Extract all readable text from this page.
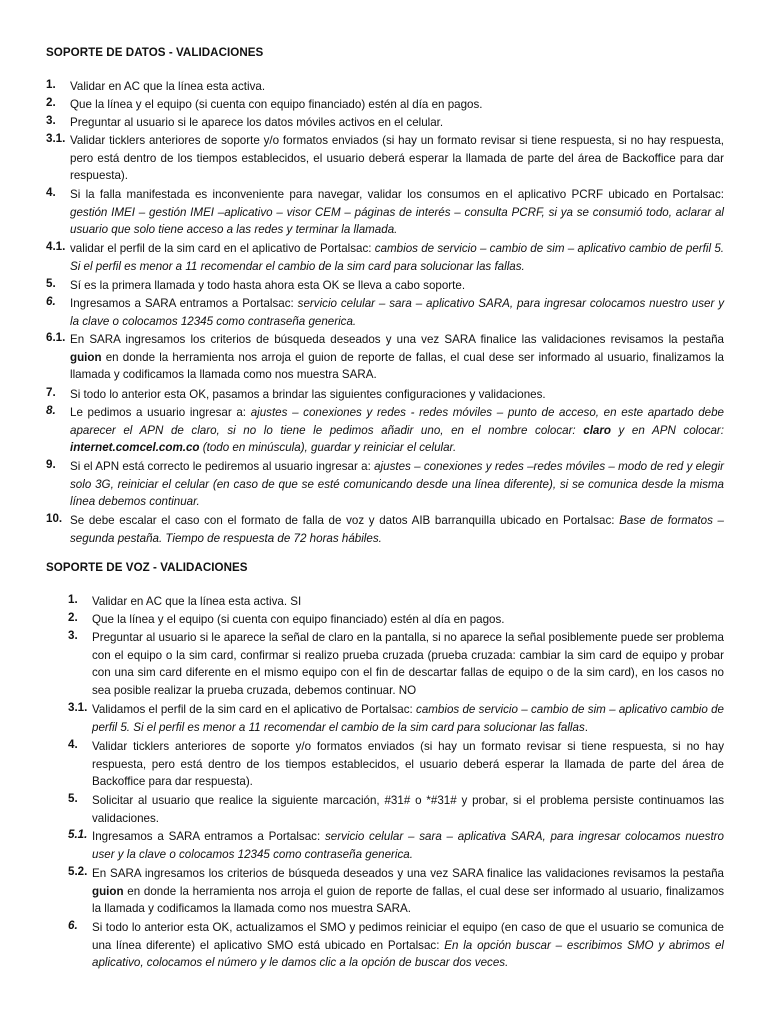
SOPORTE DE DATOS - VALIDACIONES
1. Validar en AC que la línea esta activa.
2. Que la línea y el equipo (si cuenta con equipo financiado) estén al día en pagos.
3. Preguntar al usuario si le aparece los datos móviles activos en el celular.
3.1. Validar ticklers anteriores de soporte y/o formatos enviados (si hay un formato revisar si tiene respuesta, si no hay respuesta, pero está dentro de los tiempos establecidos, el usuario deberá esperar la llamada de parte del área de Backoffice para dar respuesta).
4. Si la falla manifestada es inconveniente para navegar, validar los consumos en el aplicativo PCRF ubicado en Portalsac: gestión IMEI – gestión IMEI –aplicativo – visor CEM – páginas de interés – consulta PCRF, si ya se consumió todo, aclarar al usuario que solo tiene acceso a las redes y terminar la llamada.
4.1. validar el perfil de la sim card en el aplicativo de Portalsac: cambios de servicio – cambio de sim – aplicativo cambio de perfil 5. Si el perfil es menor a 11 recomendar el cambio de la sim card para solucionar las fallas.
5. Sí es la primera llamada y todo hasta ahora esta OK se lleva a cabo soporte.
6. Ingresamos a SARA entramos a Portalsac: servicio celular – sara – aplicativo SARA, para ingresar colocamos nuestro user y la clave o colocamos 12345 como contraseña generica.
6.1. En SARA ingresamos los criterios de búsqueda deseados y una vez SARA finalice las validaciones revisamos la pestaña guion en donde la herramienta nos arroja el guion de reporte de fallas, el cual dese ser informado al usuario, finalizamos la llamada y codificamos la llamada como nos muestra SARA.
7. Si todo lo anterior esta OK, pasamos a brindar las siguientes configuraciones y validaciones.
8. Le pedimos a usuario ingresar a: ajustes – conexiones y redes - redes móviles – punto de acceso, en este apartado debe aparecer el APN de claro, si no lo tiene le pedimos añadir uno, en el nombre colocar: claro y en APN colocar: internet.comcel.com.co (todo en minúscula), guardar y reiniciar el celular.
9. Si el APN está correcto le pediremos al usuario ingresar a: ajustes – conexiones y redes –redes móviles – modo de red y elegir solo 3G, reiniciar el celular (en caso de que se esté comunicando desde una línea diferente), si se comunica desde la misma línea debemos continuar.
10. Se debe escalar el caso con el formato de falla de voz y datos AIB barranquilla ubicado en Portalsac: Base de formatos – segunda pestaña. Tiempo de respuesta de 72 horas hábiles.
SOPORTE DE VOZ - VALIDACIONES
1. Validar en AC que la línea esta activa. SI
2. Que la línea y el equipo (si cuenta con equipo financiado) estén al día en pagos.
3. Preguntar al usuario si le aparece la señal de claro en la pantalla, si no aparece la señal posiblemente puede ser problema con el equipo o la sim card, confirmar si realizo prueba cruzada (prueba cruzada: cambiar la sim card de equipo y probar con una sim card diferente en el mismo equipo con el fin de descartar fallas de equipo o de la sim card), en los casos no sea posible realizar la prueba cruzada, debemos continuar. NO
3.1. Validamos el perfil de la sim card en el aplicativo de Portalsac: cambios de servicio – cambio de sim – aplicativo cambio de perfil 5. Si el perfil es menor a 11 recomendar el cambio de la sim card para solucionar las fallas.
4. Validar ticklers anteriores de soporte y/o formatos enviados (si hay un formato revisar si tiene respuesta, si no hay respuesta, pero está dentro de los tiempos establecidos, el usuario deberá esperar la llamada de parte del área de Backoffice para dar respuesta).
5. Solicitar al usuario que realice la siguiente marcación, #31# o *#31# y probar, si el problema persiste continuamos las validaciones.
5.1. Ingresamos a SARA entramos a Portalsac: servicio celular – sara – aplicativa SARA, para ingresar colocamos nuestro user y la clave o colocamos 12345 como contraseña generica.
5.2. En SARA ingresamos los criterios de búsqueda deseados y una vez SARA finalice las validaciones revisamos la pestaña guion en donde la herramienta nos arroja el guion de reporte de fallas, el cual dese ser informado al usuario, finalizamos la llamada y codificamos la llamada como nos muestra SARA.
6. Si todo lo anterior esta OK, actualizamos el SMO y pedimos reiniciar el equipo (en caso de que el usuario se comunica de una línea diferente) el aplicativo SMO está ubicado en Portalsac: En la opción buscar – escribimos SMO y abrimos el aplicativo, colocamos el número y le damos clic a la opción de buscar dos veces.
